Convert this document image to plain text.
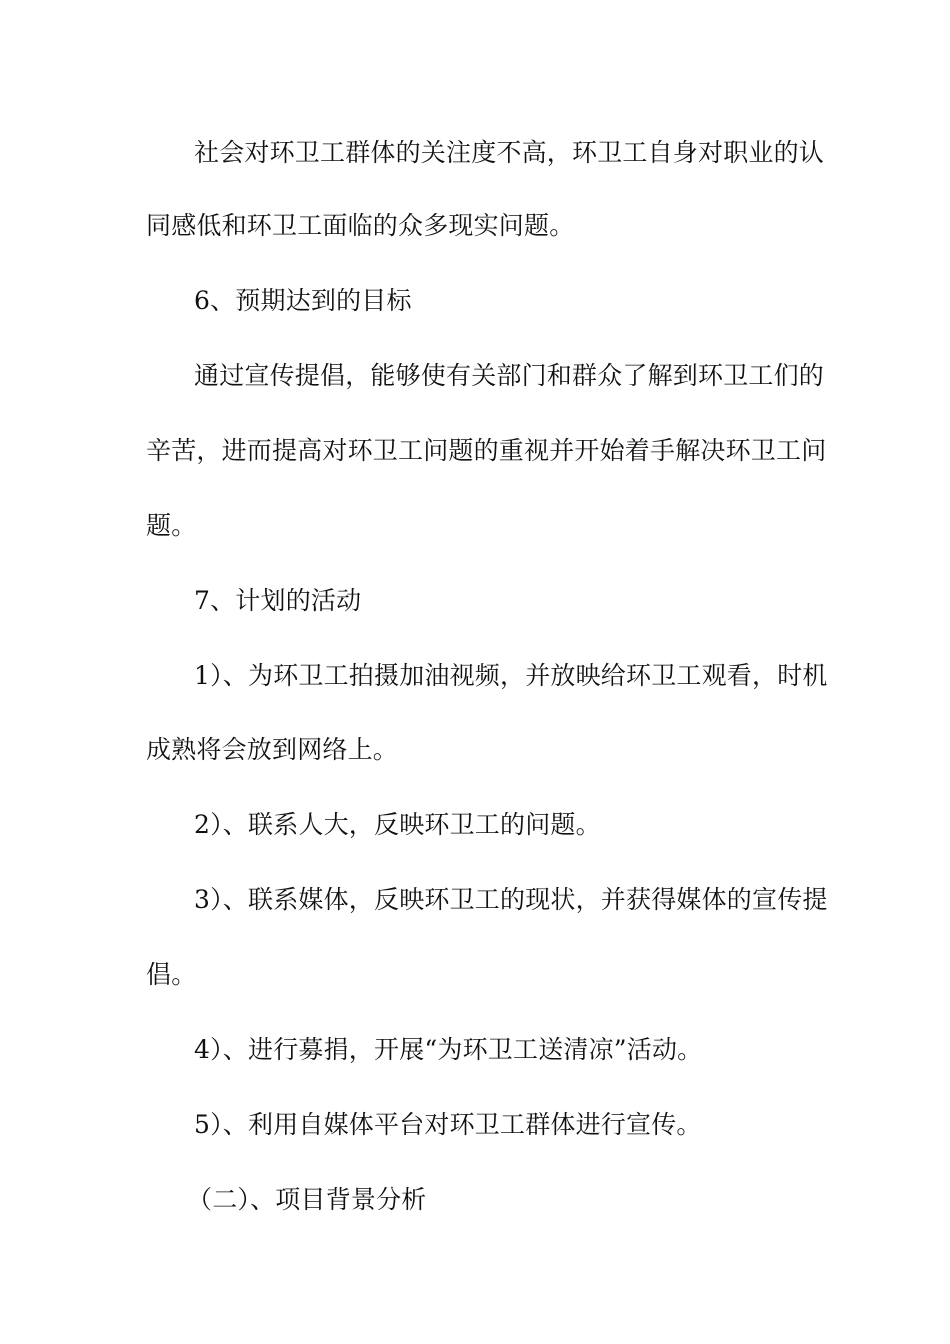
社会对环卫工群体的关注度不高，环卫工自身对职业的认
同感低和环卫工面临的众多现实问题。
6、预期达到的目标
通过宣传提倡，能够使有关部门和群众了解到环卫工们的
辛苦，进而提高对环卫工问题的重视并开始着手解决环卫工问
题。
7、计划的活动
1）、为环卫工拍摄加油视频，并放映给环卫工观看，时机
成熟将会放到网络上。
2）、联系人大，反映环卫工的问题。
3）、联系媒体，反映环卫工的现状，并获得媒体的宣传提
倡。
4）、进行募捐，开展“为环卫工送清凉”活动。
5）、利用自媒体平台对环卫工群体进行宣传。
（二）、项目背景分析
